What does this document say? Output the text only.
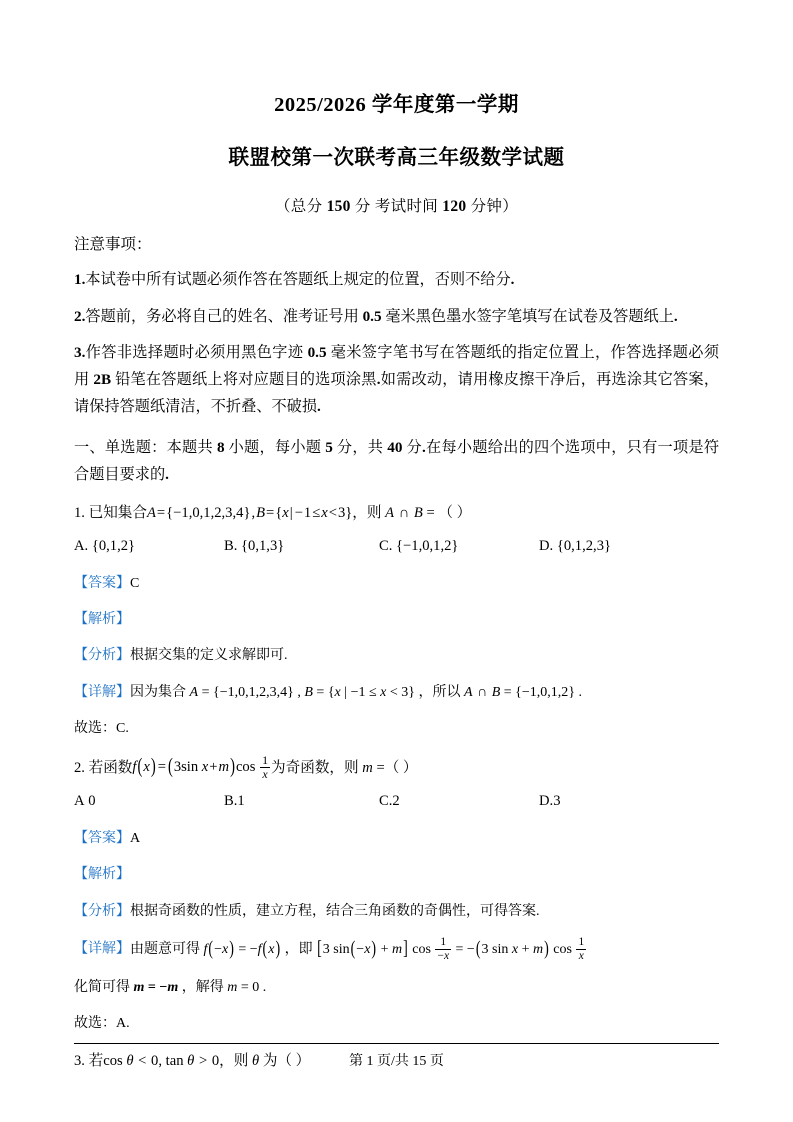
2025/2026 学年度第一学期
联盟校第一次联考高三年级数学试题
（总分 150 分 考试时间 120 分钟）
注意事项：
1.本试卷中所有试题必须作答在答题纸上规定的位置，否则不给分.
2.答题前，务必将自己的姓名、准考证号用 0.5 毫米黑色墨水签字笔填写在试卷及答题纸上.
3.作答非选择题时必须用黑色字迹 0.5 毫米签字笔书写在答题纸的指定位置上，作答选择题必须用 2B 铅笔在答题纸上将对应题目的选项涂黑.如需改动，请用橡皮擦干净后，再选涂其它答案，请保持答题纸清洁，不折叠、不破损.
一、单选题：本题共 8 小题，每小题 5 分，共 40 分.在每小题给出的四个选项中，只有一项是符合题目要求的.
1. 已知集合A={−1,0,1,2,3,4},B={x| −1≤x<3}，则 A ∩ B = （ ）
A. {0,1,2}	B. {0,1,3}	C. {−1,0,1,2}	D. {0,1,2,3}
【答案】C
【解析】
【分析】根据交集的定义求解即可.
【详解】因为集合 A = {−1,0,1,2,3,4} , B = {x | −1 ≤ x < 3} ，所以 A ∩ B = {−1,0,1,2} .
故选：C.
2. 若函数f(x) = (3sin $x+m)\cos \frac{1}{x}$ 为奇函数，则 m =（ ）
A 0	B.1	C.2	D.3
【答案】A
【解析】
【分析】根据奇函数的性质，建立方程，结合三角函数的奇偶性，可得答案.
【详解】由题意可得 f(−x) = −f(x) ，即 [3 sin(−x) + m] $\cos \frac{1}{-x} = -(3$ sin x + m) $\cos \frac{1}{x}$
化简可得 m = −m ，解得 m = 0 .
故选：A.
3. 若cos θ < 0, tan θ > 0，则 θ 为（ ）	第 1 页/共 15 页
